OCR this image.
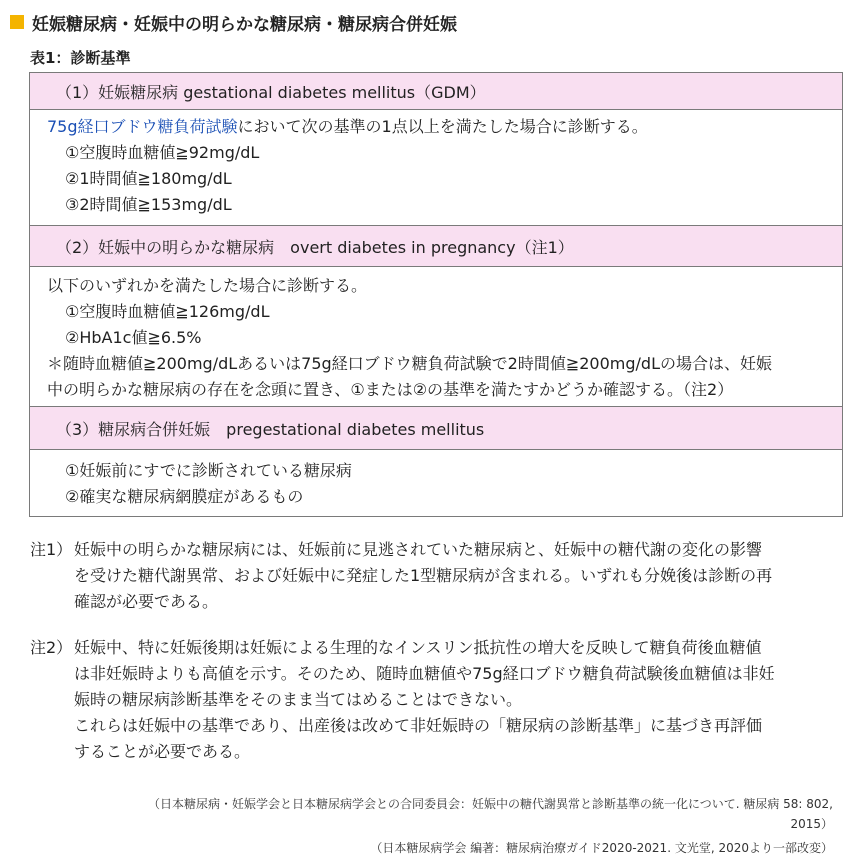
妊娠糖尿病・妊娠中の明らかな糖尿病・糖尿病合併妊娠
表1：診断基準
（1）妊娠糖尿病 gestational diabetes mellitus（GDM）
75g経口ブドウ糖負荷試験において次の基準の1点以上を満たした場合に診断する。
①空腹時血糖値≧92mg/dL
②1時間値≧180mg/dL
③2時間値≧153mg/dL
（2）妊娠中の明らかな糖尿病　overt diabetes in pregnancy（注1）
以下のいずれかを満たした場合に診断する。
①空腹時血糖値≧126mg/dL
②HbA1c値≧6.5%
＊随時血糖値≧200mg/dLあるいは75g経口ブドウ糖負荷試験で2時間値≧200mg/dLの場合は、妊娠
中の明らかな糖尿病の存在を念頭に置き、①または②の基準を満たすかどうか確認する。（注2）
（3）糖尿病合併妊娠　pregestational diabetes mellitus
①妊娠前にすでに診断されている糖尿病
②確実な糖尿病網膜症があるもの
注1） 妊娠中の明らかな糖尿病には、妊娠前に見逃されていた糖尿病と、妊娠中の糖代謝の変化の影響
を受けた糖代謝異常、および妊娠中に発症した1型糖尿病が含まれる。いずれも分娩後は診断の再
確認が必要である。
注2） 妊娠中、特に妊娠後期は妊娠による生理的なインスリン抵抗性の増大を反映して糖負荷後血糖値
は非妊娠時よりも高値を示す。そのため、随時血糖値や75g経口ブドウ糖負荷試験後血糖値は非妊
娠時の糖尿病診断基準をそのまま当てはめることはできない。
これらは妊娠中の基準であり、出産後は改めて非妊娠時の「糖尿病の診断基準」に基づき再評価
することが必要である。
（日本糖尿病・妊娠学会と日本糖尿病学会との合同委員会：妊娠中の糖代謝異常と診断基準の統一化について. 糖尿病 58: 802,
2015）
（日本糖尿病学会 編著：糖尿病治療ガイド2020-2021. 文光堂, 2020より一部改変）
